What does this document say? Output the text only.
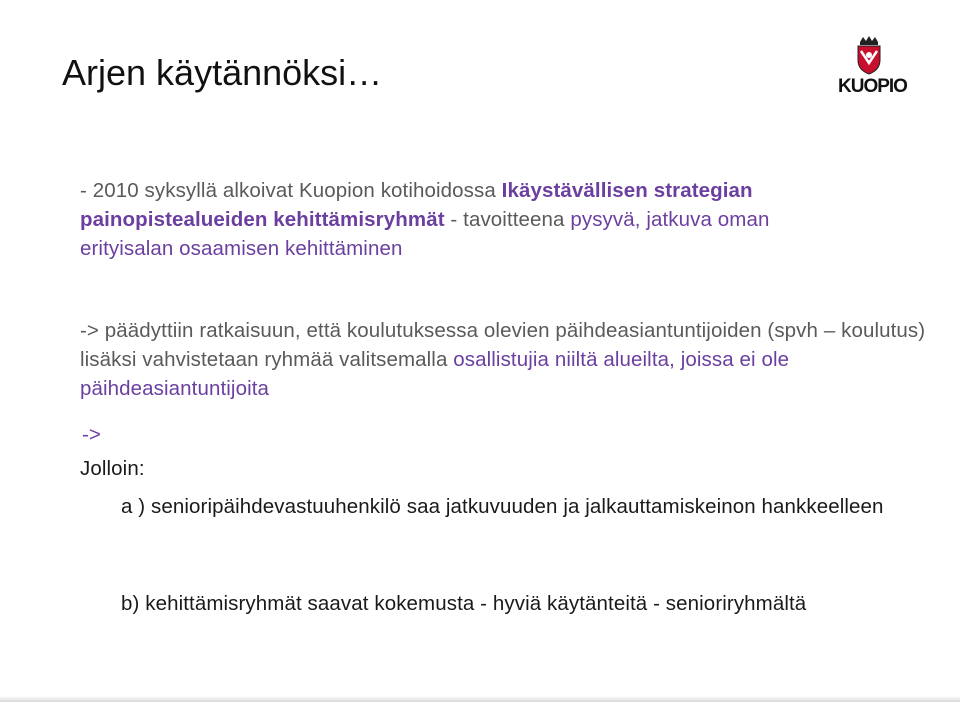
Arjen käytännöksi…	KUOPIO
- 2010 syksyllä alkoivat Kuopion kotihoidossa Ikäystävällisen strategian painopistealueiden kehittämisryhmät - tavoitteena pysyvä, jatkuva oman erityisalan osaamisen kehittäminen
-> päädyttiin ratkaisuun, että koulutuksessa olevien päihdeasiantuntijoiden (spvh – koulutus) lisäksi vahvistetaan ryhmää valitsemalla osallistujia niiltä alueilta, joissa ei ole päihdeasiantuntijoita
->
Jolloin:
a ) senioripäihdevastuuhenkilö saa jatkuvuuden ja jalkauttamiskeinon hankkeelleen
b) kehittämisryhmät saavat kokemusta - hyviä käytänteitä - senioriryhmältä
